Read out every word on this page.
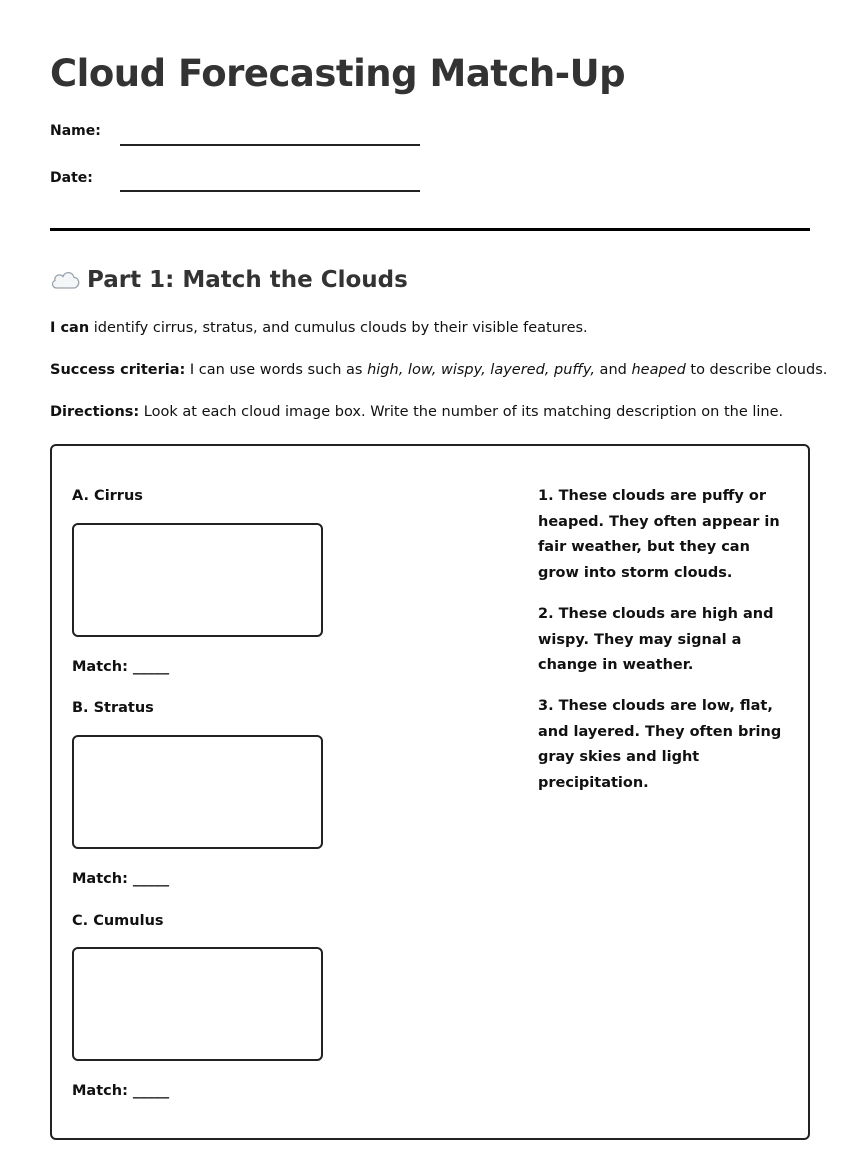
Cloud Forecasting Match-Up
Name:
Date:
Part 1: Match the Clouds

I can identify cirrus, stratus, and cumulus clouds by their visible features.

Success criteria: I can use words such as high, low, wispy, layered, puffy, and heaped to describe clouds.

Directions: Look at each cloud image box. Write the number of its matching description on the line.

A. Cirrus
Match: _____
B. Stratus
Match: _____
C. Cumulus
Match: _____

1. These clouds are puffy or heaped. They often appear in fair weather, but they can grow into storm clouds.

2. These clouds are high and wispy. They may signal a change in weather.

3. These clouds are low, flat, and layered. They often bring gray skies and light precipitation.
